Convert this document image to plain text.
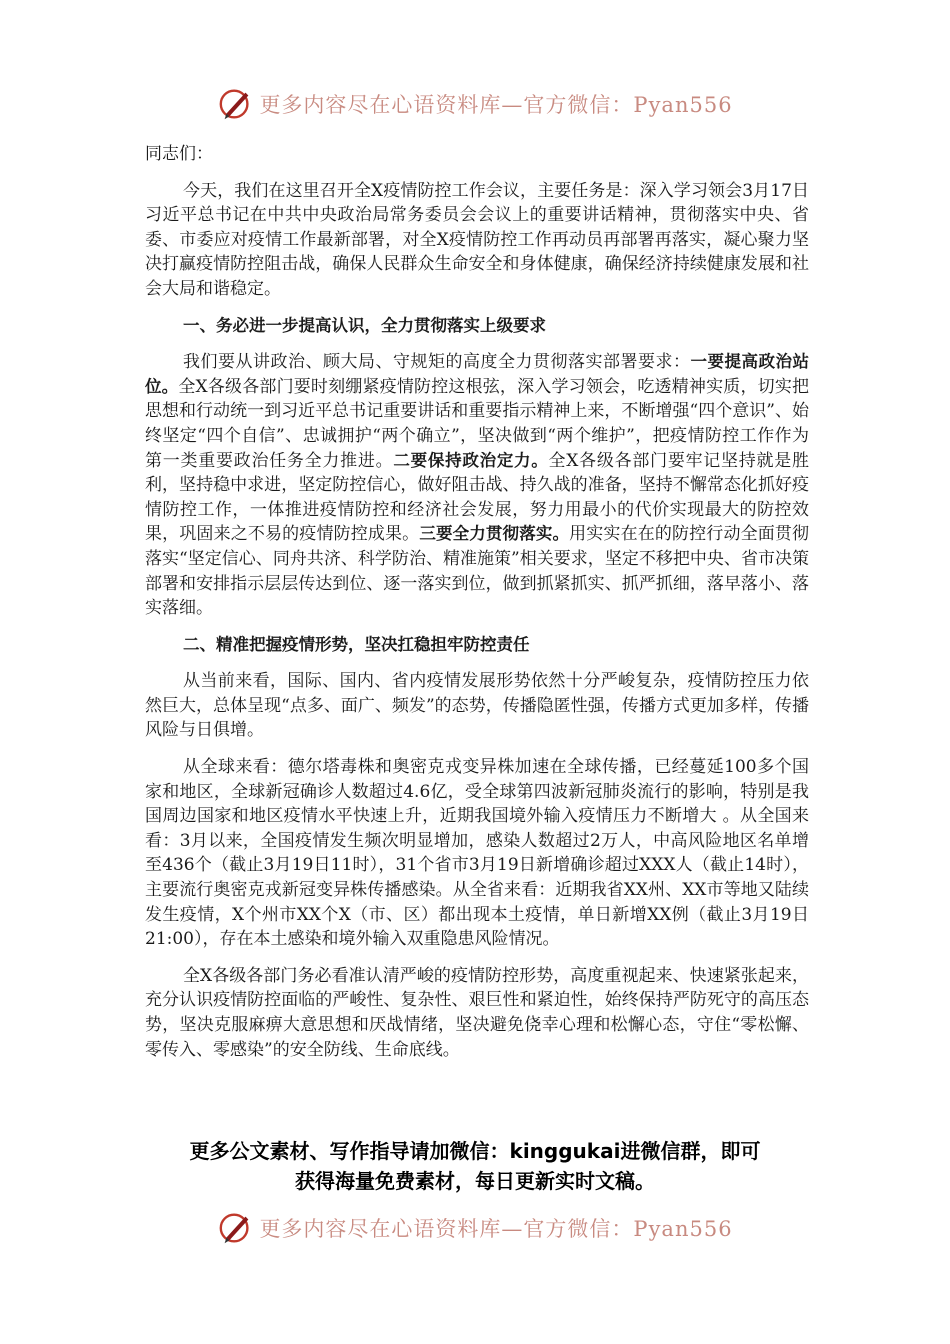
更多内容尽在心语资料库—官方微信：Pyan556

同志们：

今天，我们在这里召开全X疫情防控工作会议，主要任务是：深入学习领会3月17日习近平总书记在中共中央政治局常务委员会会议上的重要讲话精神，贯彻落实中央、省委、市委应对疫情工作最新部署，对全X疫情防控工作再动员再部署再落实，凝心聚力坚决打赢疫情防控阻击战，确保人民群众生命安全和身体健康，确保经济持续健康发展和社会大局和谐稳定。

一、务必进一步提高认识，全力贯彻落实上级要求

我们要从讲政治、顾大局、守规矩的高度全力贯彻落实部署要求：一要提高政治站位。全X各级各部门要时刻绷紧疫情防控这根弦，深入学习领会，吃透精神实质，切实把思想和行动统一到习近平总书记重要讲话和重要指示精神上来，不断增强“四个意识”、始终坚定“四个自信”、忠诚拥护“两个确立”，坚决做到“两个维护”，把疫情防控工作作为第一类重要政治任务全力推进。二要保持政治定力。全X各级各部门要牢记坚持就是胜利，坚持稳中求进，坚定防控信心，做好阻击战、持久战的准备，坚持不懈常态化抓好疫情防控工作，一体推进疫情防控和经济社会发展，努力用最小的代价实现最大的防控效果，巩固来之不易的疫情防控成果。三要全力贯彻落实。用实实在在的防控行动全面贯彻落实“坚定信心、同舟共济、科学防治、精准施策”相关要求，坚定不移把中央、省市决策部署和安排指示层层传达到位、逐一落实到位，做到抓紧抓实、抓严抓细，落早落小、落实落细。

二、精准把握疫情形势，坚决扛稳担牢防控责任

从当前来看，国际、国内、省内疫情发展形势依然十分严峻复杂，疫情防控压力依然巨大，总体呈现“点多、面广、频发”的态势，传播隐匿性强，传播方式更加多样，传播风险与日俱增。

从全球来看：德尔塔毒株和奥密克戎变异株加速在全球传播，已经蔓延100多个国家和地区，全球新冠确诊人数超过4.6亿，受全球第四波新冠肺炎流行的影响，特别是我国周边国家和地区疫情水平快速上升，近期我国境外输入疫情压力不断增大 。从全国来看：3月以来，全国疫情发生频次明显增加，感染人数超过2万人，中高风险地区名单增至436个（截止3月19日11时），31个省市3月19日新增确诊超过XXX人（截止14时），主要流行奥密克戎新冠变异株传播感染。从全省来看：近期我省XX州、XX市等地又陆续发生疫情，X个州市XX个X（市、区）都出现本土疫情，单日新增XX例（截止3月19日21:00），存在本土感染和境外输入双重隐患风险情况。

全X各级各部门务必看准认清严峻的疫情防控形势，高度重视起来、快速紧张起来，充分认识疫情防控面临的严峻性、复杂性、艰巨性和紧迫性，始终保持严防死守的高压态势，坚决克服麻痹大意思想和厌战情绪，坚决避免侥幸心理和松懈心态，守住“零松懈、零传入、零感染”的安全防线、生命底线。

更多公文素材、写作指导请加微信：kinggukai进微信群，即可
获得海量免费素材，每日更新实时文稿。
更多内容尽在心语资料库—官方微信：Pyan556
